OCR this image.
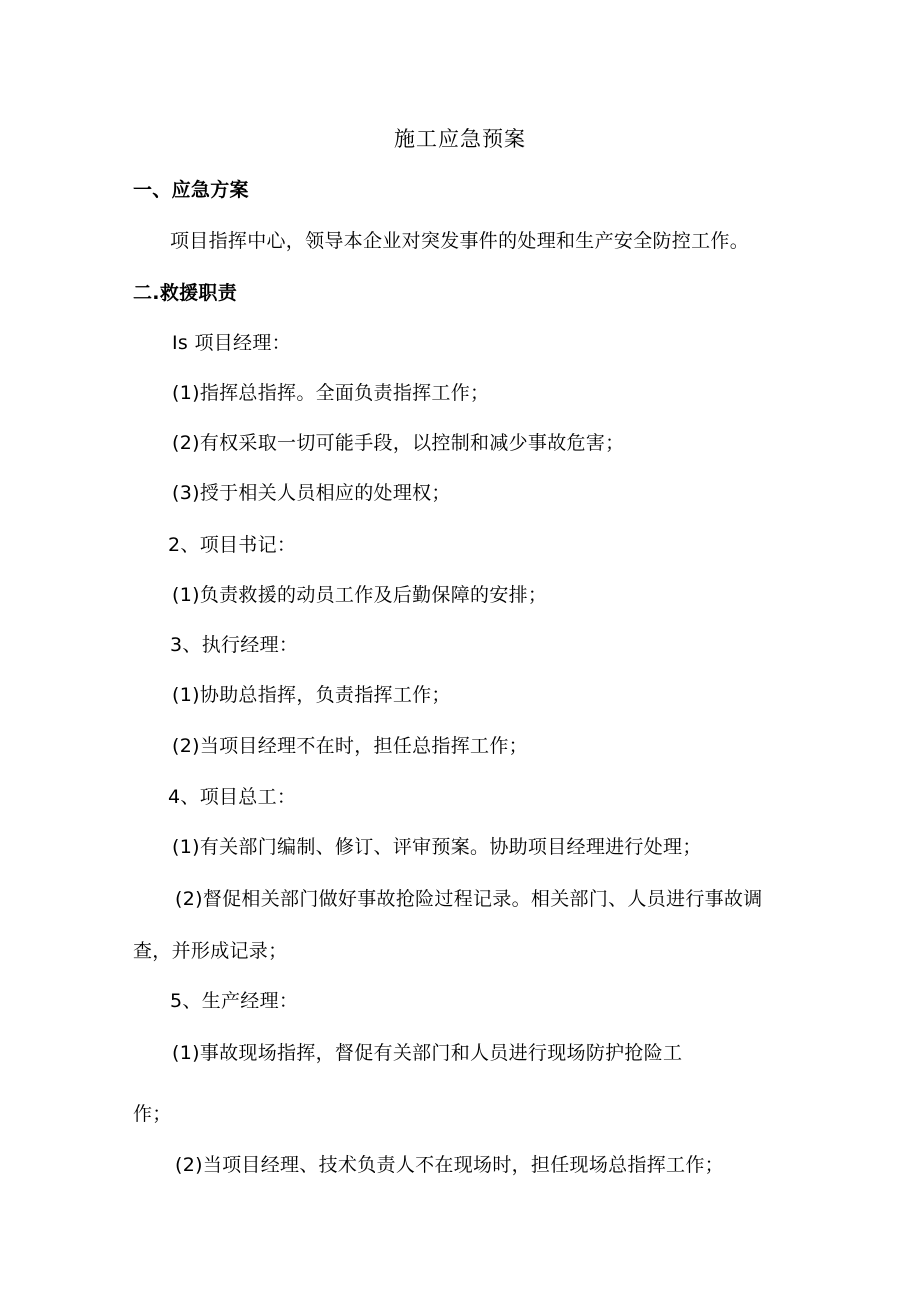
施工应急预案
一、应急方案
项目指挥中心，领导本企业对突发事件的处理和生产安全防控工作。
二.救援职责
Is 项目经理：
(1)指挥总指挥。全面负责指挥工作；
(2)有权采取一切可能手段，以控制和减少事故危害；
(3)授于相关人员相应的处理权；
2、项目书记：
(1)负责救援的动员工作及后勤保障的安排；
3、执行经理：
(1)协助总指挥，负责指挥工作；
(2)当项目经理不在时，担任总指挥工作；
4、项目总工：
(1)有关部门编制、修订、评审预案。协助项目经理进行处理；
(2)督促相关部门做好事故抢险过程记录。相关部门、人员进行事故调
查，并形成记录；
5、生产经理：
(1)事故现场指挥，督促有关部门和人员进行现场防护抢险工
作；
(2)当项目经理、技术负责人不在现场时，担任现场总指挥工作；
